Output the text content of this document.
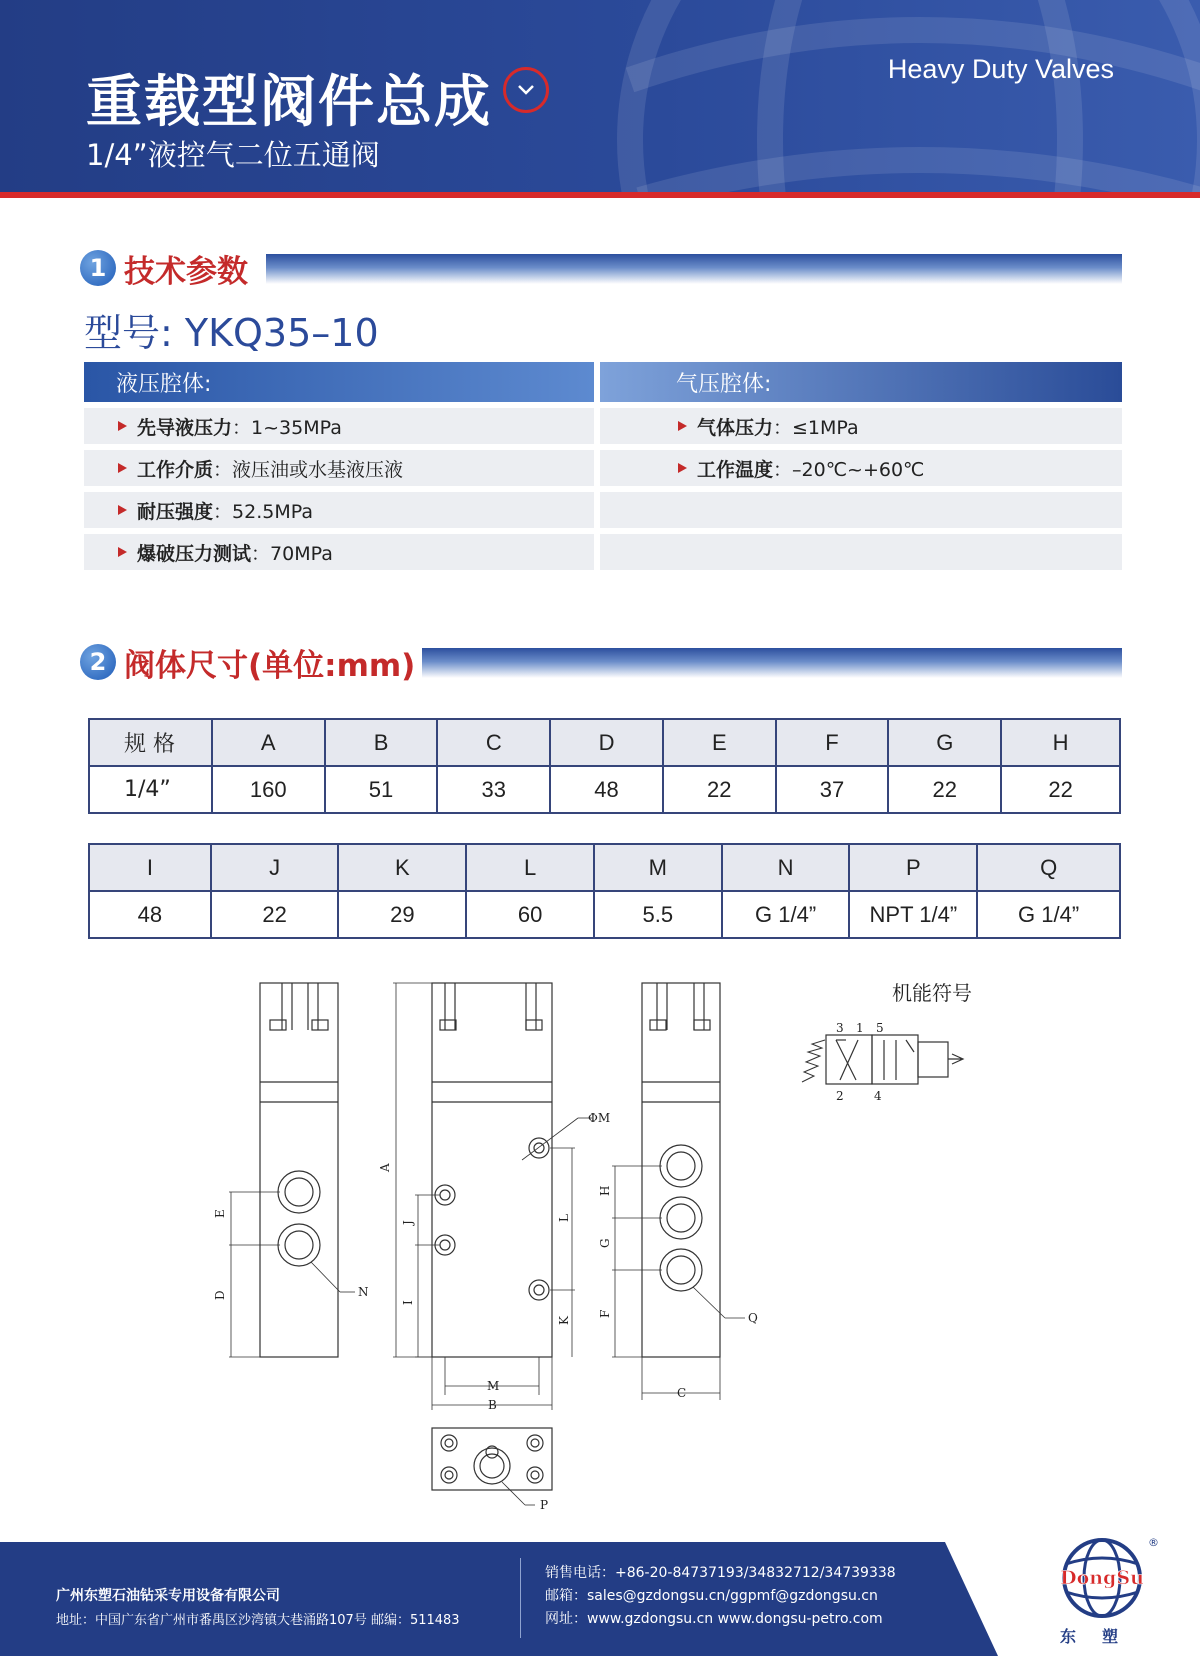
重载型阀件总成
1/4”液控气二位五通阀
Heavy Duty Valves
1 技术参数
型号: YKQ35–10
液压腔体:	气压腔体:
先导液压力 ：1~35MPa	气体压力 ：≤1MPa
工作介质 ：液压油或水基液压液	工作温度 ：–20℃~+60℃
耐压强度 ：52.5MPa
爆破压力测试 ：70MPa
2 阀体尺寸(单位:mm)
规 格	A	B	C	D	E	F	G	H
1/4”	160	51	33	48	22	37	22	22
I	J	K	L	M	N	P	Q
48	22	29	60	5.5	G 1/4”	NPT 1/4”	G 1/4”
E
D	N
A
J
I
L
K
ΦM
M
B
H
G
F	Q
C
P
3 1 5
2	4
机能符号
广州东塑石油钻采专用设备有限公司
地址：中国广东省广州市番禺区沙湾镇大巷涌路107号 邮编：511483
销售电话：+86-20-84737193/34832712/34739338
邮箱：sales@gzdongsu.cn/ggpmf@gzdongsu.cn
网址：www.gzdongsu.cn www.dongsu-petro.com
DongSu
®
东塑
